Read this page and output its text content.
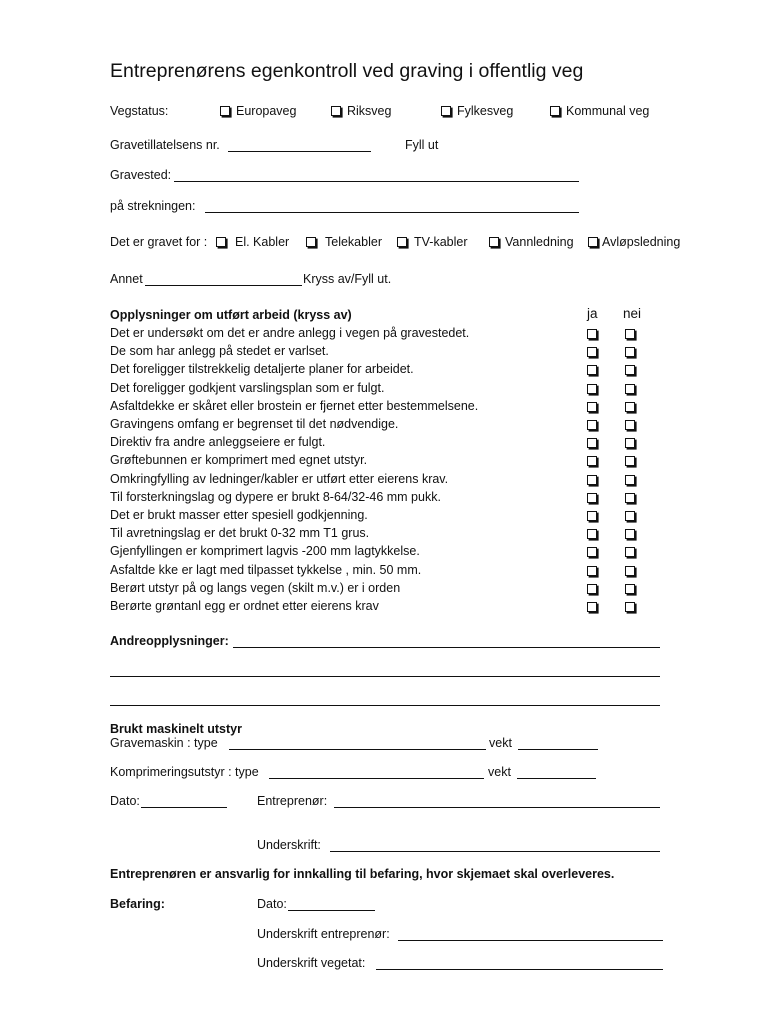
Entreprenørens egenkontroll ved graving i offentlig veg
Vegstatus:	Europaveg	Riksveg	Fylkesveg	Kommunal veg
Gravetillatelsens nr.	Fyll ut
Gravested:
på strekningen:
Det er gravet for :	El. Kabler	Telekabler	TV-kabler	Vannledning	Avløpsledning
Annet	Kryss av/Fyll ut.
Opplysninger om utført arbeid (kryss av)	ja nei
Det er undersøkt om det er andre anlegg i vegen på gravestedet.
De som har anlegg på stedet er varlset.
Det foreligger tilstrekkelig detaljerte planer for arbeidet.
Det foreligger godkjent varslingsplan som er fulgt.
Asfaltdekke er skåret eller brostein er fjernet etter bestemmelsene.
Gravingens omfang er begrenset til det nødvendige.
Direktiv fra andre anleggseiere er fulgt.
Grøftebunnen er komprimert med egnet utstyr.
Omkringfylling av ledninger/kabler er utført etter eierens krav.
Til forsterkningslag og dypere er brukt 8-64/32-46 mm pukk.
Det er brukt masser etter spesiell godkjenning.
Til avretningslag er det brukt 0-32 mm T1 grus.
Gjenfyllingen er komprimert lagvis -200 mm lagtykkelse.
Asfaltde kke er lagt med tilpasset tykkelse , min. 50 mm.
Berørt utstyr på og langs vegen (skilt m.v.) er i orden
Berørte grøntanl egg er ordnet etter eierens krav
Andreopplysninger:
Brukt maskinelt utstyr
Gravemaskin : type	vekt
Komprimeringsutstyr : type	vekt
Dato:	Entreprenør:
Underskrift:
Entreprenøren er ansvarlig for innkalling til befaring, hvor skjemaet skal overleveres.
Befaring:	Dato:
Underskrift entreprenør:
Underskrift vegetat:
